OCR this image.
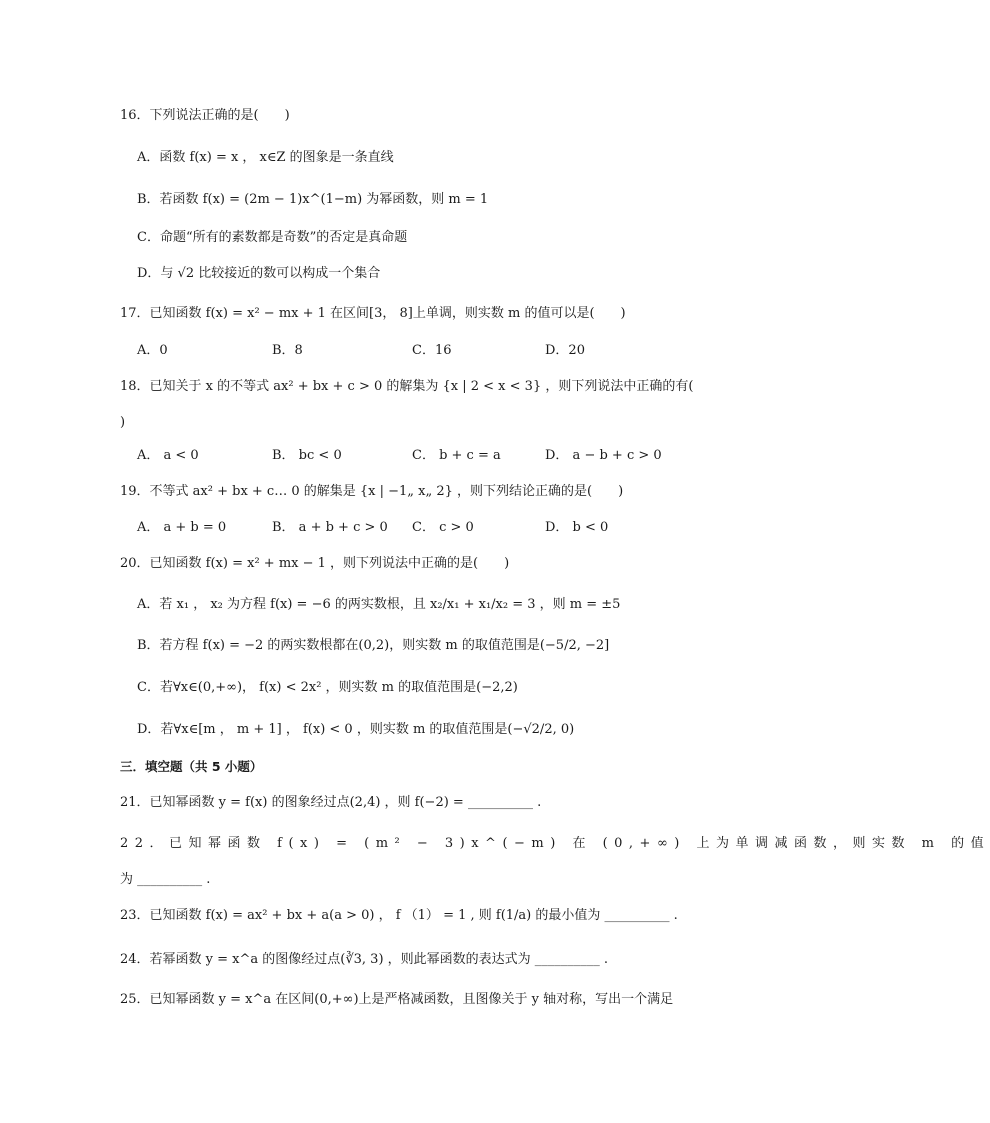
16．下列说法正确的是(　　)
A．函数 f(x) = x ， x∈Z 的图象是一条直线
B．若函数 f(x) = (2m − 1)x^(1−m) 为幂函数，则 m = 1
C．命题“所有的素数都是奇数”的否定是真命题
D．与 √2 比较接近的数可以构成一个集合
17．已知函数 f(x) = x² − mx + 1 在区间[3， 8]上单调，则实数 m 的值可以是(　　)
A．0	B．8	C．16	D．20
18．已知关于 x 的不等式 ax² + bx + c > 0 的解集为 {x | 2 < x < 3} ，则下列说法中正确的有(
)
A． a < 0	B． bc < 0	C． b + c = a	D． a − b + c > 0
19．不等式 ax² + bx + c… 0 的解集是 {x | −1„ x„ 2} ，则下列结论正确的是(　　)
A． a + b = 0	B． a + b + c > 0 C． c > 0	D． b < 0
20．已知函数 f(x) = x² + mx − 1 ，则下列说法中正确的是(　　)
A．若 x₁ ， x₂ 为方程 f(x) = −6 的两实数根，且 x₂/x₁ + x₁/x₂ = 3 ，则 m = ±5
B．若方程 f(x) = −2 的两实数根都在(0,2)，则实数 m 的取值范围是(−5/2, −2]
C．若∀x∈(0,+∞)， f(x) < 2x² ，则实数 m 的取值范围是(−2,2)
D．若∀x∈[m ， m + 1] ， f(x) < 0 ，则实数 m 的取值范围是(−√2/2, 0)
三．填空题（共 5 小题）
21．已知幂函数 y = f(x) 的图象经过点(2,4) ，则 f(−2) = __________ .
22．已知幂函数 f(x) = (m² − 3)x^(−m) 在 (0,+∞) 上为单调减函数，则实数 m 的值
为 __________ .
23．已知函数 f(x) = ax² + bx + a(a > 0) ， f （1） = 1 , 则 f(1/a) 的最小值为 __________ .
24．若幂函数 y = x^a 的图像经过点(∛3, 3) ，则此幂函数的表达式为 __________ .
25．已知幂函数 y = x^a 在区间(0,+∞)上是严格减函数，且图像关于 y 轴对称，写出一个满足
